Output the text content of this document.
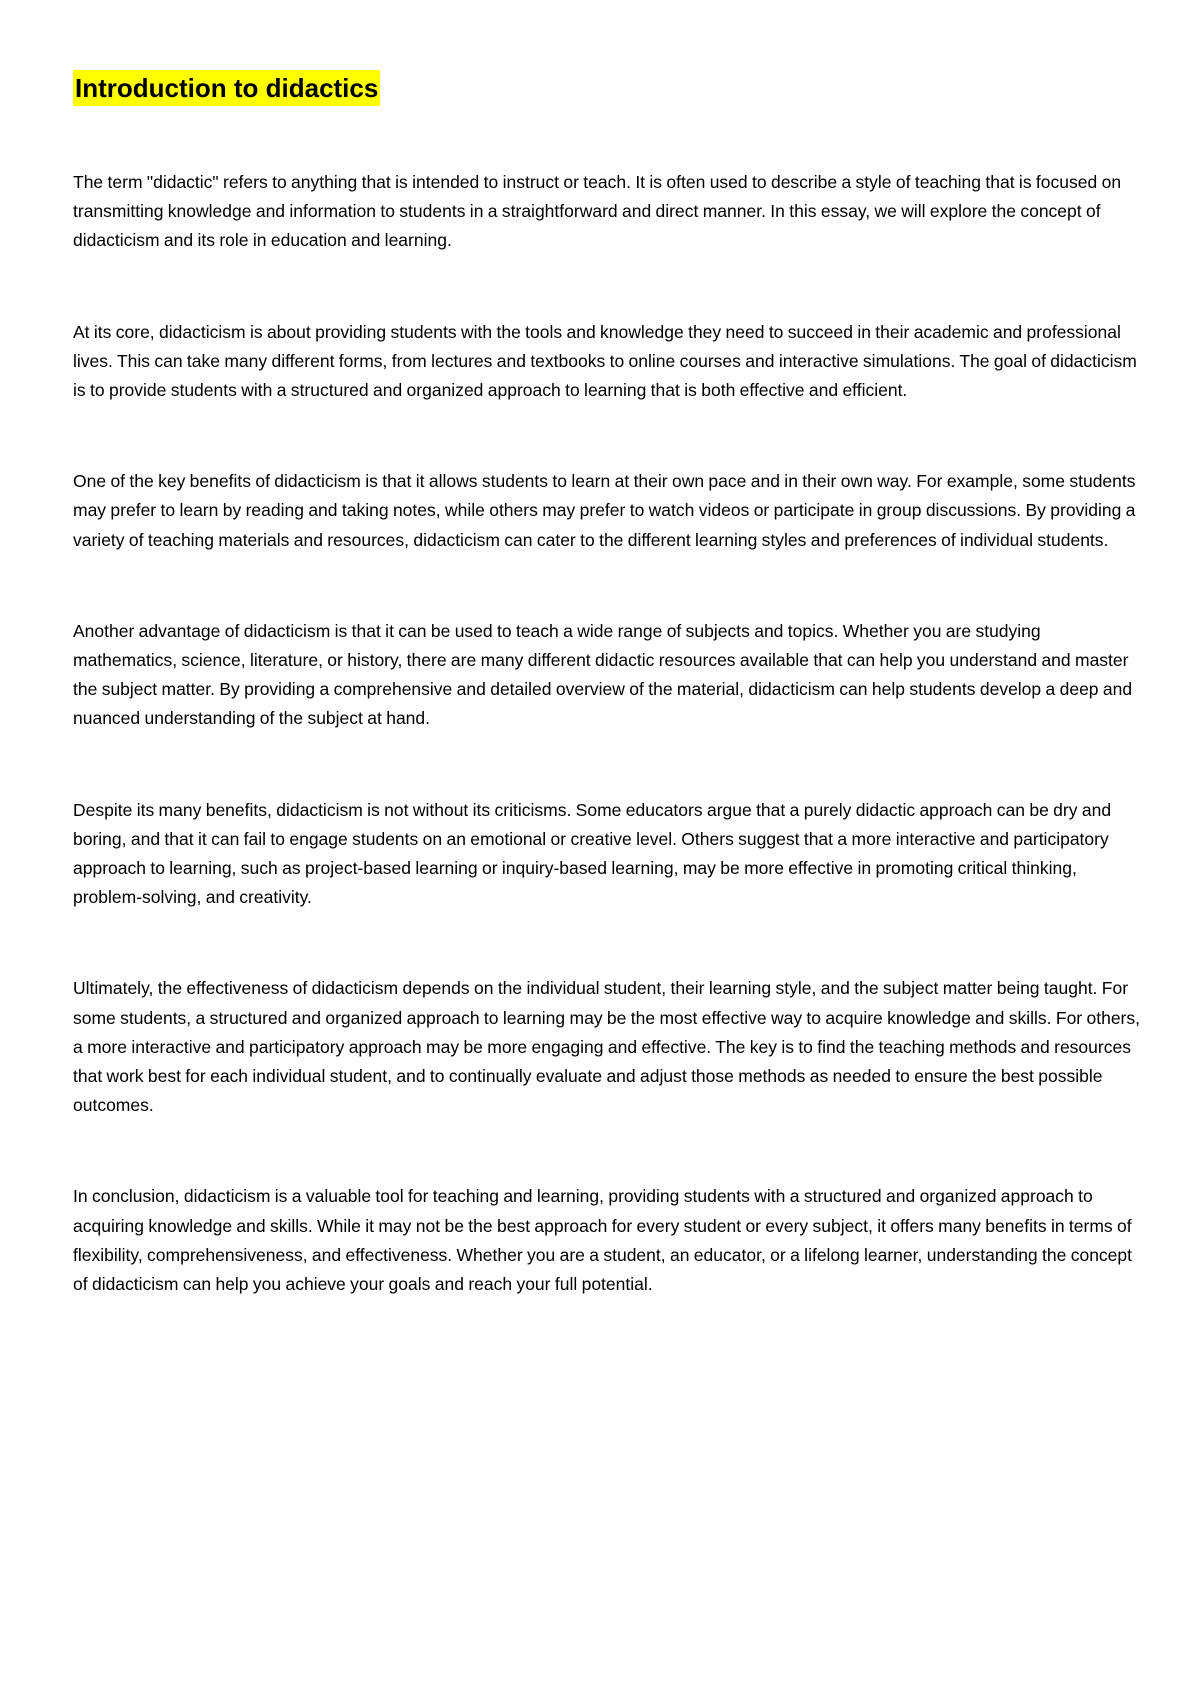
Introduction to didactics

The term "didactic" refers to anything that is intended to instruct or teach. It is often used to describe a style of teaching that is focused on transmitting knowledge and information to students in a straightforward and direct manner. In this essay, we will explore the concept of didacticism and its role in education and learning.

At its core, didacticism is about providing students with the tools and knowledge they need to succeed in their academic and professional lives. This can take many different forms, from lectures and textbooks to online courses and interactive simulations. The goal of didacticism is to provide students with a structured and organized approach to learning that is both effective and efficient.

One of the key benefits of didacticism is that it allows students to learn at their own pace and in their own way. For example, some students may prefer to learn by reading and taking notes, while others may prefer to watch videos or participate in group discussions. By providing a variety of teaching materials and resources, didacticism can cater to the different learning styles and preferences of individual students.

Another advantage of didacticism is that it can be used to teach a wide range of subjects and topics. Whether you are studying mathematics, science, literature, or history, there are many different didactic resources available that can help you understand and master the subject matter. By providing a comprehensive and detailed overview of the material, didacticism can help students develop a deep and nuanced understanding of the subject at hand.

Despite its many benefits, didacticism is not without its criticisms. Some educators argue that a purely didactic approach can be dry and boring, and that it can fail to engage students on an emotional or creative level. Others suggest that a more interactive and participatory approach to learning, such as project-based learning or inquiry-based learning, may be more effective in promoting critical thinking, problem-solving, and creativity.

Ultimately, the effectiveness of didacticism depends on the individual student, their learning style, and the subject matter being taught. For some students, a structured and organized approach to learning may be the most effective way to acquire knowledge and skills. For others, a more interactive and participatory approach may be more engaging and effective. The key is to find the teaching methods and resources that work best for each individual student, and to continually evaluate and adjust those methods as needed to ensure the best possible outcomes.

In conclusion, didacticism is a valuable tool for teaching and learning, providing students with a structured and organized approach to acquiring knowledge and skills. While it may not be the best approach for every student or every subject, it offers many benefits in terms of flexibility, comprehensiveness, and effectiveness. Whether you are a student, an educator, or a lifelong learner, understanding the concept of didacticism can help you achieve your goals and reach your full potential.
